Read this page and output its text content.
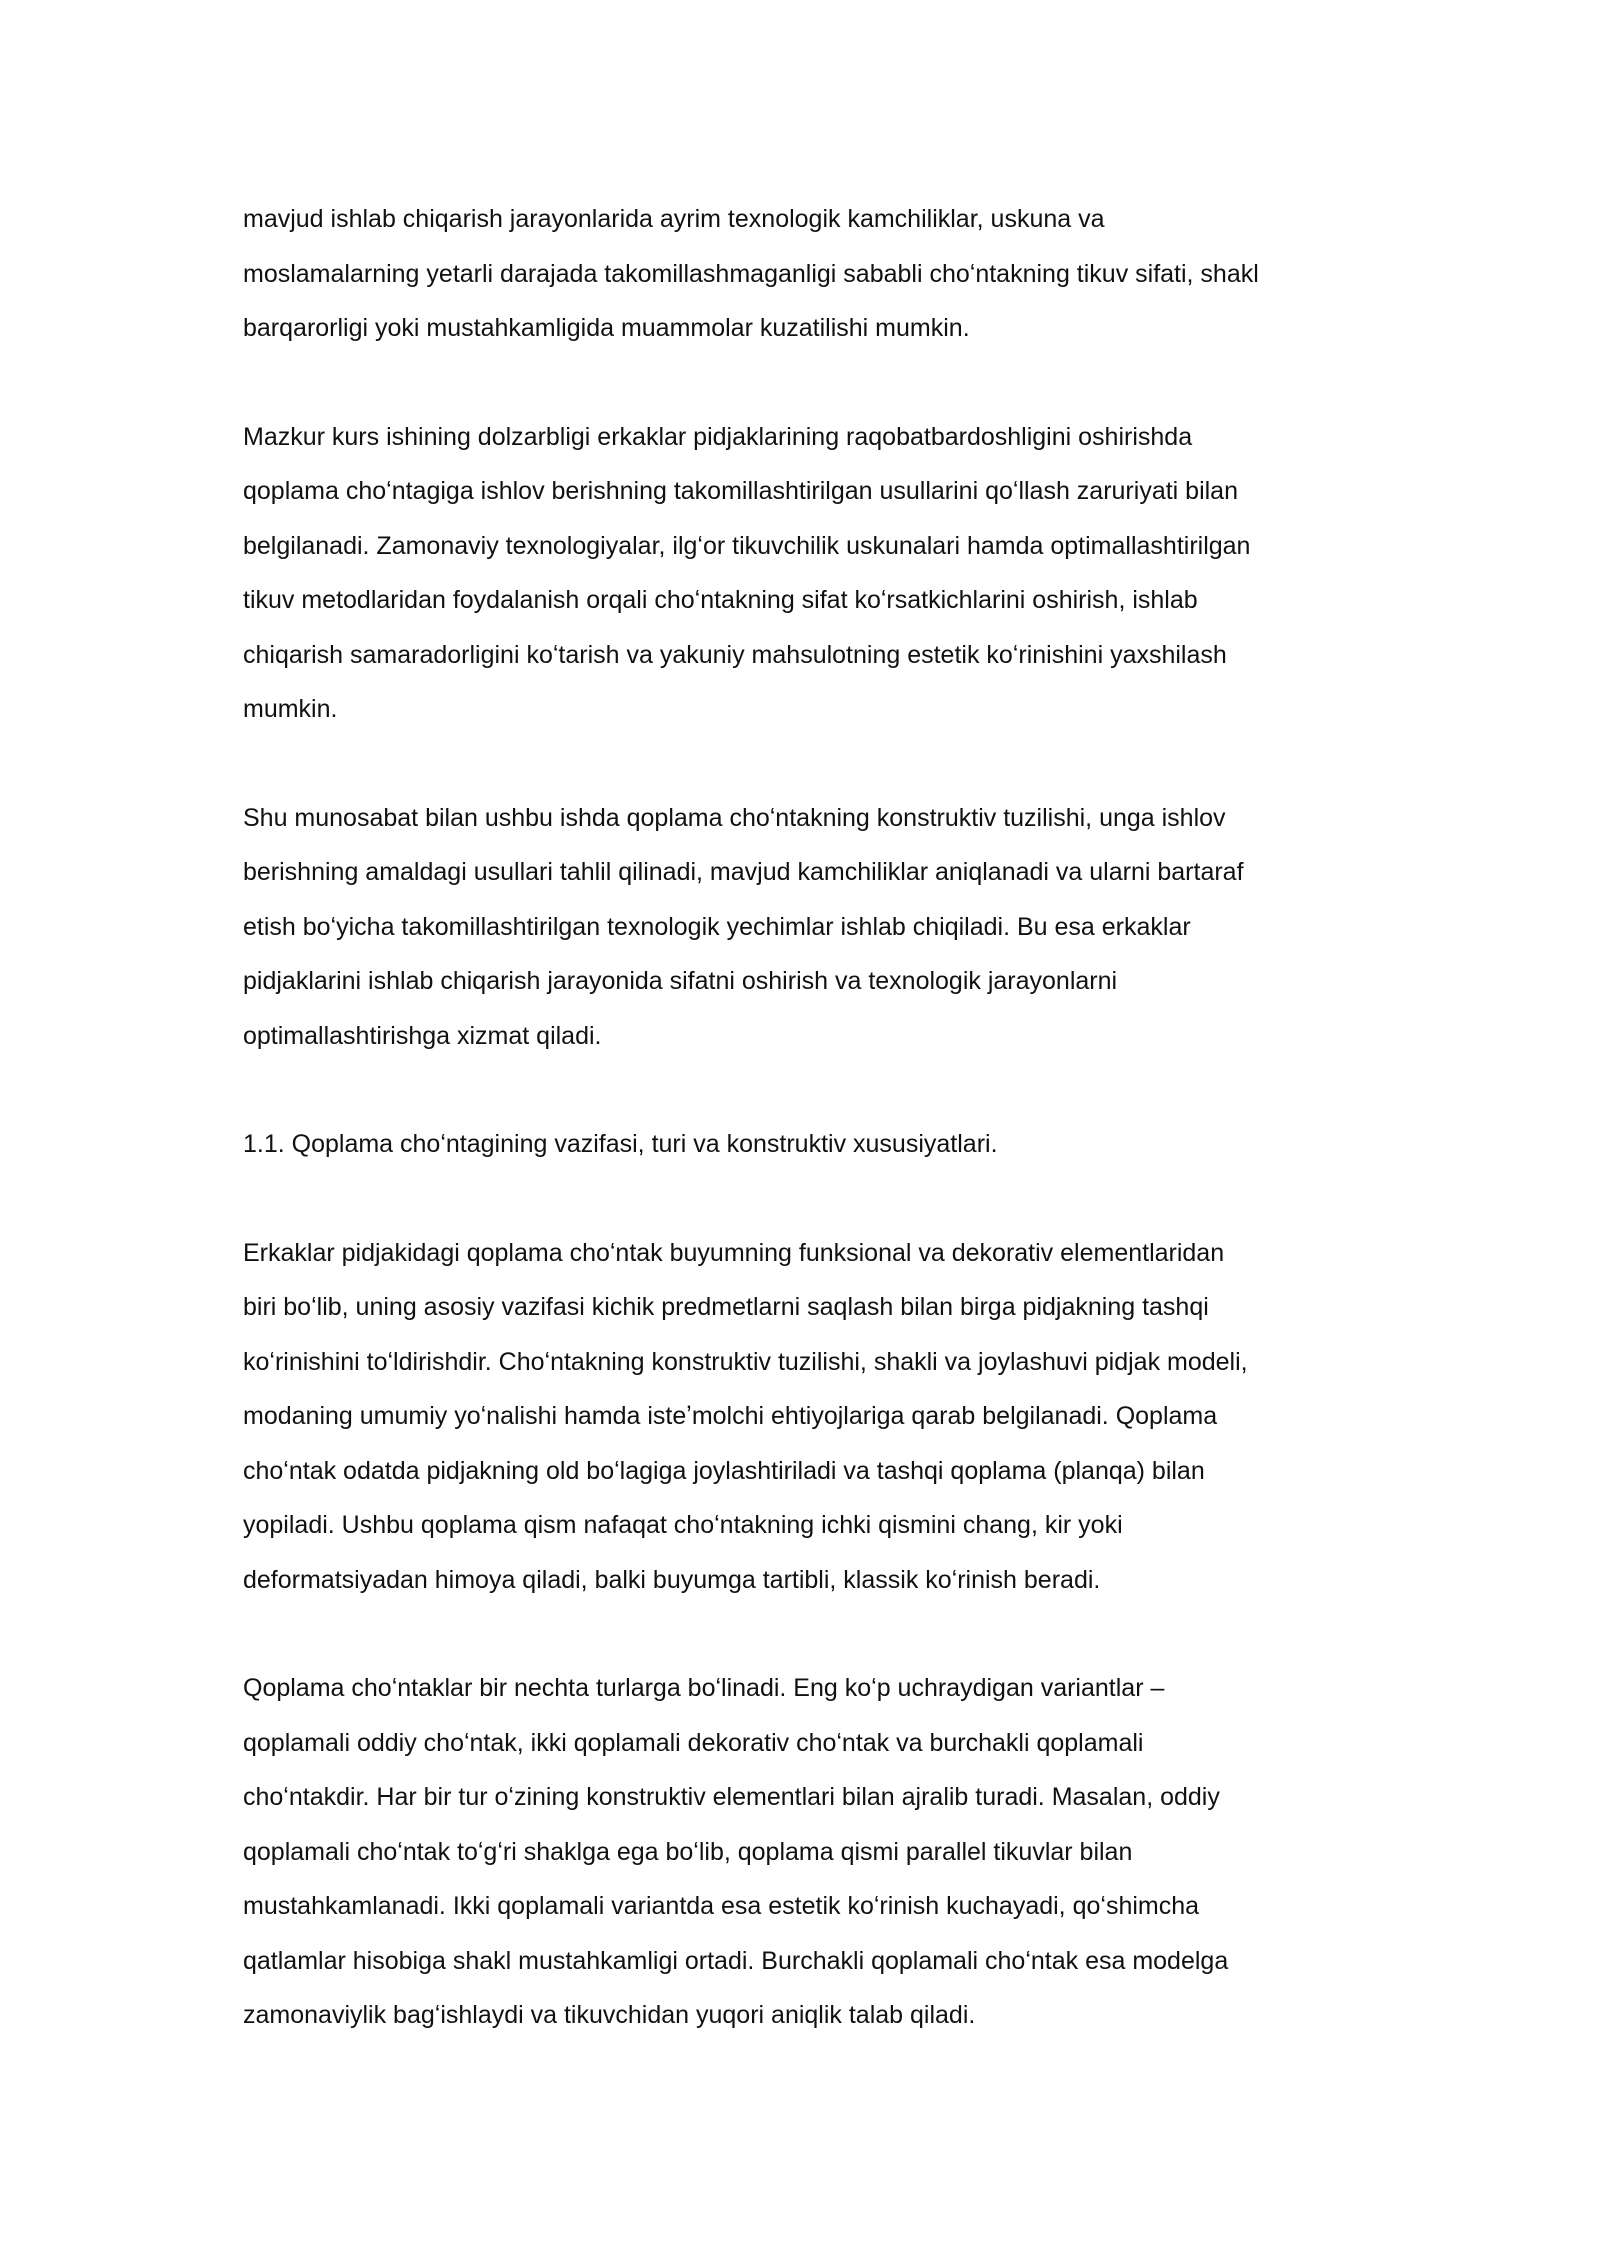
mavjud ishlab chiqarish jarayonlarida ayrim texnologik kamchiliklar, uskuna va
moslamalarning yetarli darajada takomillashmaganligi sababli choʻntakning tikuv sifati, shakl
barqarorligi yoki mustahkamligida muammolar kuzatilishi mumkin.
Mazkur kurs ishining dolzarbligi erkaklar pidjaklarining raqobatbardoshligini oshirishda
qoplama choʻntagiga ishlov berishning takomillashtirilgan usullarini qoʻllash zaruriyati bilan
belgilanadi. Zamonaviy texnologiyalar, ilgʻor tikuvchilik uskunalari hamda optimallashtirilgan
tikuv metodlaridan foydalanish orqali choʻntakning sifat koʻrsatkichlarini oshirish, ishlab
chiqarish samaradorligini koʻtarish va yakuniy mahsulotning estetik koʻrinishini yaxshilash
mumkin.
Shu munosabat bilan ushbu ishda qoplama choʻntakning konstruktiv tuzilishi, unga ishlov
berishning amaldagi usullari tahlil qilinadi, mavjud kamchiliklar aniqlanadi va ularni bartaraf
etish boʻyicha takomillashtirilgan texnologik yechimlar ishlab chiqiladi. Bu esa erkaklar
pidjaklarini ishlab chiqarish jarayonida sifatni oshirish va texnologik jarayonlarni
optimallashtirishga xizmat qiladi.
1.1. Qoplama choʻntagining vazifasi, turi va konstruktiv xususiyatlari.
Erkaklar pidjakidagi qoplama choʻntak buyumning funksional va dekorativ elementlaridan
biri boʻlib, uning asosiy vazifasi kichik predmetlarni saqlash bilan birga pidjakning tashqi
koʻrinishini toʻldirishdir. Choʻntakning konstruktiv tuzilishi, shakli va joylashuvi pidjak modeli,
modaning umumiy yoʻnalishi hamda isteʼmolchi ehtiyojlariga qarab belgilanadi. Qoplama
choʻntak odatda pidjakning old boʻlagiga joylashtiriladi va tashqi qoplama (planqa) bilan
yopiladi. Ushbu qoplama qism nafaqat choʻntakning ichki qismini chang, kir yoki
deformatsiyadan himoya qiladi, balki buyumga tartibli, klassik koʻrinish beradi.
Qoplama choʻntaklar bir nechta turlarga boʻlinadi. Eng koʻp uchraydigan variantlar –
qoplamali oddiy choʻntak, ikki qoplamali dekorativ choʻntak va burchakli qoplamali
choʻntakdir. Har bir tur oʻzining konstruktiv elementlari bilan ajralib turadi. Masalan, oddiy
qoplamali choʻntak toʻgʻri shaklga ega boʻlib, qoplama qismi parallel tikuvlar bilan
mustahkamlanadi. Ikki qoplamali variantda esa estetik koʻrinish kuchayadi, qoʻshimcha
qatlamlar hisobiga shakl mustahkamligi ortadi. Burchakli qoplamali choʻntak esa modelga
zamonaviylik bagʻishlaydi va tikuvchidan yuqori aniqlik talab qiladi.
